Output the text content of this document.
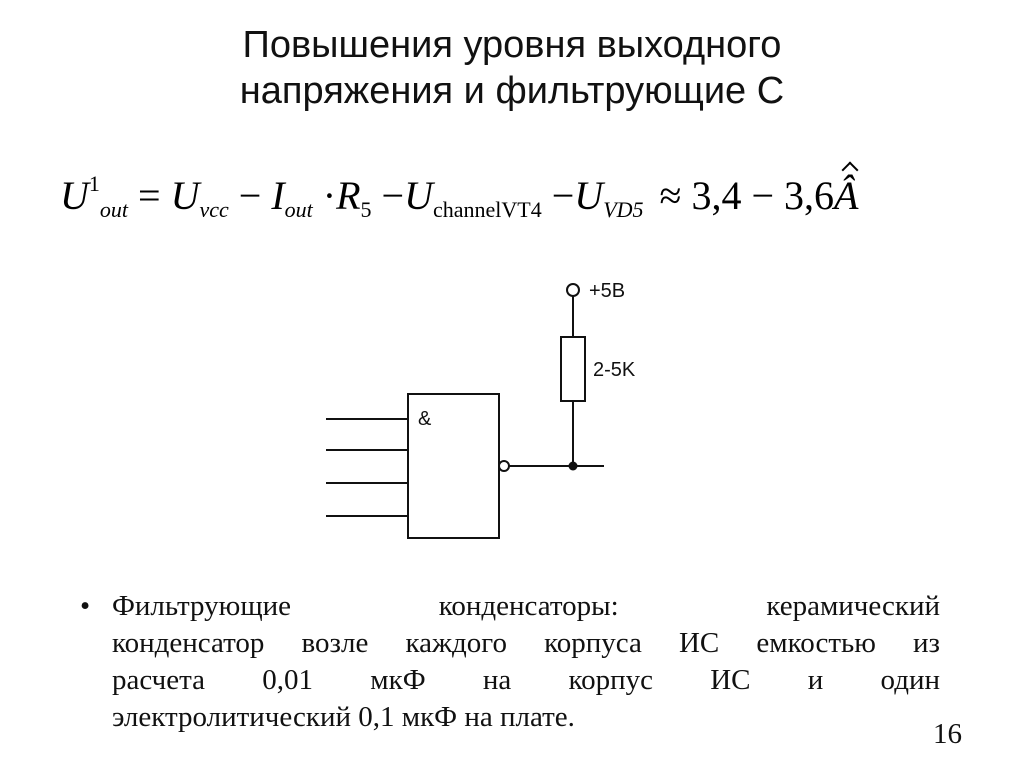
Повышения уровня выходного
напряжения и фильтрующие С
$U^1_{out} = U_{vcc} - I_{out} \cdot R_5 -U_{channelVT4} -U_{VD5} \approx 3,4$ − 3,6Â
&
+5В
2-5K
• Фильтрующие конденсаторы: керамический
конденсатор возле каждого корпуса ИС емкостью из
расчета 0,01 мкФ на корпус ИС и один
электролитический 0,1 мкФ на плате.
16
